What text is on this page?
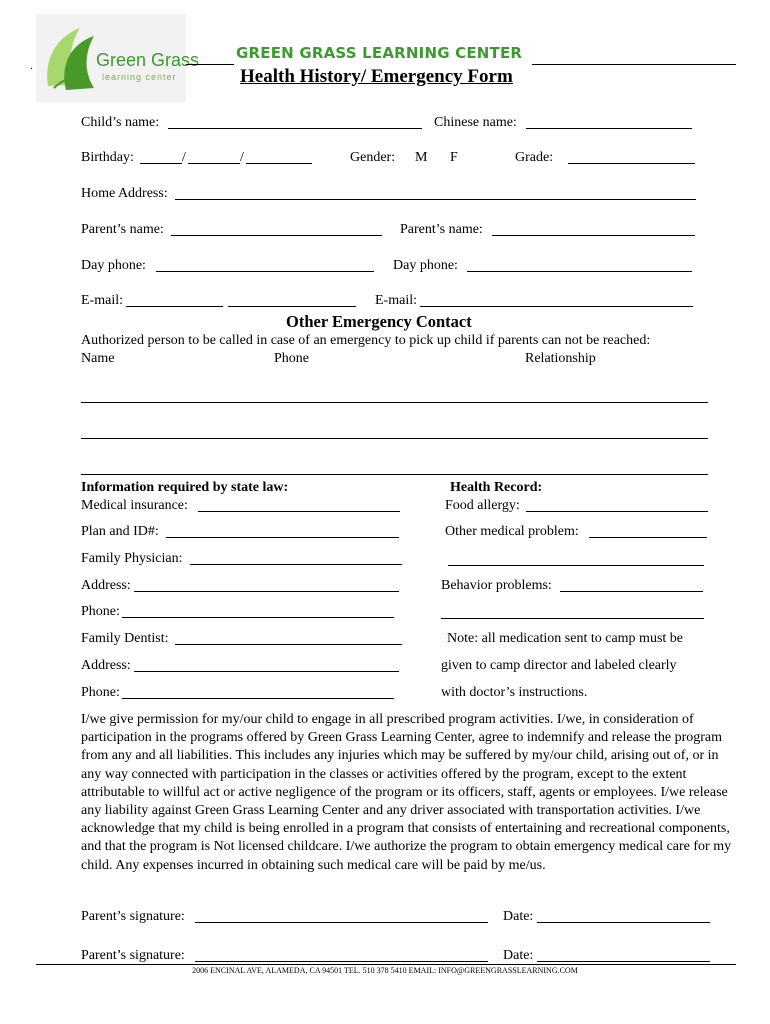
Green Grass
learning center
.
GREEN GRASS LEARNING CENTER
Health History/ Emergency Form
Child’s name:	Chinese name:
Birthday:	/	/	Gender: M F	Grade:
Home Address:
Parent’s name:	Parent’s name:
Day phone:	Day phone:
E-mail:	E-mail:
Other Emergency Contact
Authorized person to be called in case of an emergency to pick up child if parents can not be reached:
Name	Phone	Relationship
Information required by state law:
Medical insurance:
Plan and ID#:
Family Physician:
Address:
Phone:
Family Dentist:
Address:
Phone:
Health Record:
Food allergy:
Other medical problem:
Behavior problems:
Note: all medication sent to camp must be
given to camp director and labeled clearly
with doctor’s instructions.
I/we give permission for my/our child to engage in all prescribed program activities. I/we, in consideration of participation in the programs offered by Green Grass Learning Center, agree to indemnify and release the program from any and all liabilities. This includes any injuries which may be suffered by my/our child, arising out of, or in any way connected with participation in the classes or activities offered by the program, except to the extent attributable to willful act or active negligence of the program or its officers, staff, agents or employees. I/we release any liability against Green Grass Learning Center and any driver associated with transportation activities. I/we acknowledge that my child is being enrolled in a program that consists of entertaining and recreational components, and that the program is Not licensed childcare. I/we authorize the program to obtain emergency medical care for my child. Any expenses incurred in obtaining such medical care will be paid by me/us.
Parent’s signature:	Date:
Parent’s signature:	Date:
2006 ENCINAL AVE, ALAMEDA, CA 94501 TEL. 510 378 5410 EMAIL: INFO@GREENGRASSLEARNING.COM
